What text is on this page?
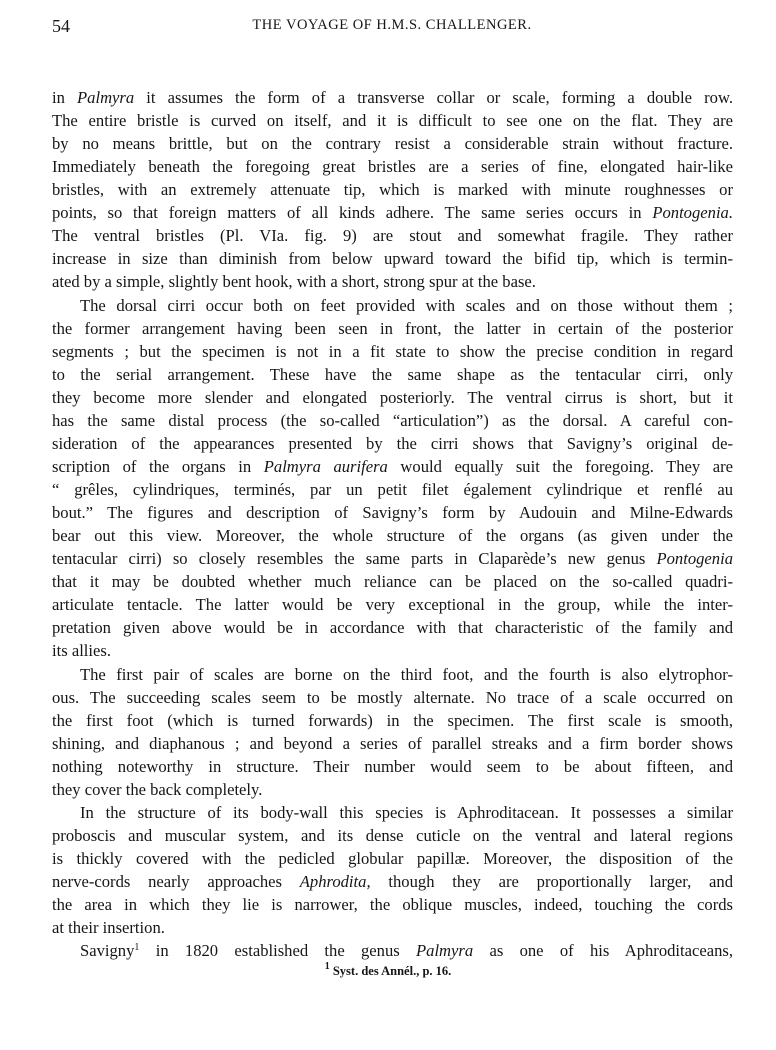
54	THE VOYAGE OF H.M.S. CHALLENGER.
in Palmyra it assumes the form of a transverse collar or scale, forming a double row.
The entire bristle is curved on itself, and it is difficult to see one on the flat. They are
by no means brittle, but on the contrary resist a considerable strain without fracture.
Immediately beneath the foregoing great bristles are a series of fine, elongated hair-like
bristles, with an extremely attenuate tip, which is marked with minute roughnesses or
points, so that foreign matters of all kinds adhere. The same series occurs in Pontogenia.
The ventral bristles (Pl. VIa. fig. 9) are stout and somewhat fragile. They rather
increase in size than diminish from below upward toward the bifid tip, which is termin-
ated by a simple, slightly bent hook, with a short, strong spur at the base.
The dorsal cirri occur both on feet provided with scales and on those without them ;
the former arrangement having been seen in front, the latter in certain of the posterior
segments ; but the specimen is not in a fit state to show the precise condition in regard
to the serial arrangement. These have the same shape as the tentacular cirri, only
they become more slender and elongated posteriorly. The ventral cirrus is short, but it
has the same distal process (the so-called “articulation”) as the dorsal. A careful con-
sideration of the appearances presented by the cirri shows that Savigny’s original de-
scription of the organs in Palmyra aurifera would equally suit the foregoing. They are
“ grêles, cylindriques, terminés, par un petit filet également cylindrique et renflé au
bout.” The figures and description of Savigny’s form by Audouin and Milne-Edwards
bear out this view. Moreover, the whole structure of the organs (as given under the
tentacular cirri) so closely resembles the same parts in Claparède’s new genus Pontogenia
that it may be doubted whether much reliance can be placed on the so-called quadri-
articulate tentacle. The latter would be very exceptional in the group, while the inter-
pretation given above would be in accordance with that characteristic of the family and
its allies.
The first pair of scales are borne on the third foot, and the fourth is also elytrophor-
ous. The succeeding scales seem to be mostly alternate. No trace of a scale occurred on
the first foot (which is turned forwards) in the specimen. The first scale is smooth,
shining, and diaphanous ; and beyond a series of parallel streaks and a firm border shows
nothing noteworthy in structure. Their number would seem to be about fifteen, and
they cover the back completely.
In the structure of its body-wall this species is Aphroditacean. It possesses a similar
proboscis and muscular system, and its dense cuticle on the ventral and lateral regions
is thickly covered with the pedicled globular papillæ. Moreover, the disposition of the
nerve-cords nearly approaches Aphrodita, though they are proportionally larger, and
the area in which they lie is narrower, the oblique muscles, indeed, touching the cords
at their insertion.
Savigny$^1$ in 1820 established the genus Palmyra as one of his Aphroditaceans,
$^1$ Syst. des Annél., p. 16.
